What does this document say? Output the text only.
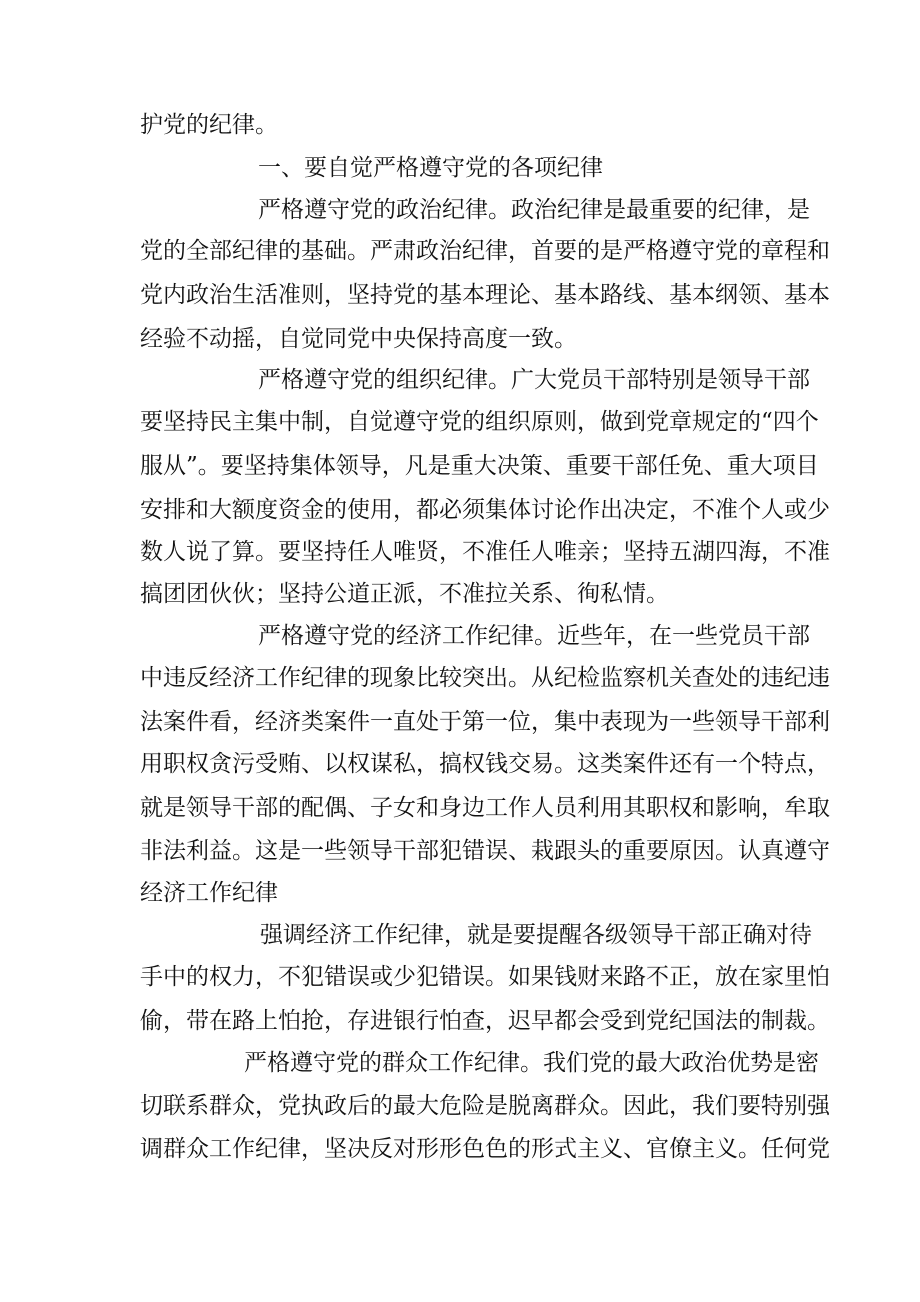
护党的纪律。
一、要自觉严格遵守党的各项纪律
严格遵守党的政治纪律。政治纪律是最重要的纪律，是
党的全部纪律的基础。严肃政治纪律，首要的是严格遵守党的章程和
党内政治生活准则，坚持党的基本理论、基本路线、基本纲领、基本
经验不动摇，自觉同党中央保持高度一致。
严格遵守党的组织纪律。广大党员干部特别是领导干部
要坚持民主集中制，自觉遵守党的组织原则，做到党章规定的“四个
服从”。要坚持集体领导，凡是重大决策、重要干部任免、重大项目
安排和大额度资金的使用，都必须集体讨论作出决定，不准个人或少
数人说了算。要坚持任人唯贤，不准任人唯亲；坚持五湖四海，不准
搞团团伙伙；坚持公道正派，不准拉关系、徇私情。
严格遵守党的经济工作纪律。近些年，在一些党员干部
中违反经济工作纪律的现象比较突出。从纪检监察机关查处的违纪违
法案件看，经济类案件一直处于第一位，集中表现为一些领导干部利
用职权贪污受贿、以权谋私，搞权钱交易。这类案件还有一个特点，
就是领导干部的配偶、子女和身边工作人员利用其职权和影响，牟取
非法利益。这是一些领导干部犯错误、栽跟头的重要原因。认真遵守
经济工作纪律
强调经济工作纪律，就是要提醒各级领导干部正确对待
手中的权力，不犯错误或少犯错误。如果钱财来路不正，放在家里怕
偷，带在路上怕抢，存进银行怕查，迟早都会受到党纪国法的制裁。
严格遵守党的群众工作纪律。我们党的最大政治优势是密
切联系群众，党执政后的最大危险是脱离群众。因此，我们要特别强
调群众工作纪律，坚决反对形形色色的形式主义、官僚主义。任何党
